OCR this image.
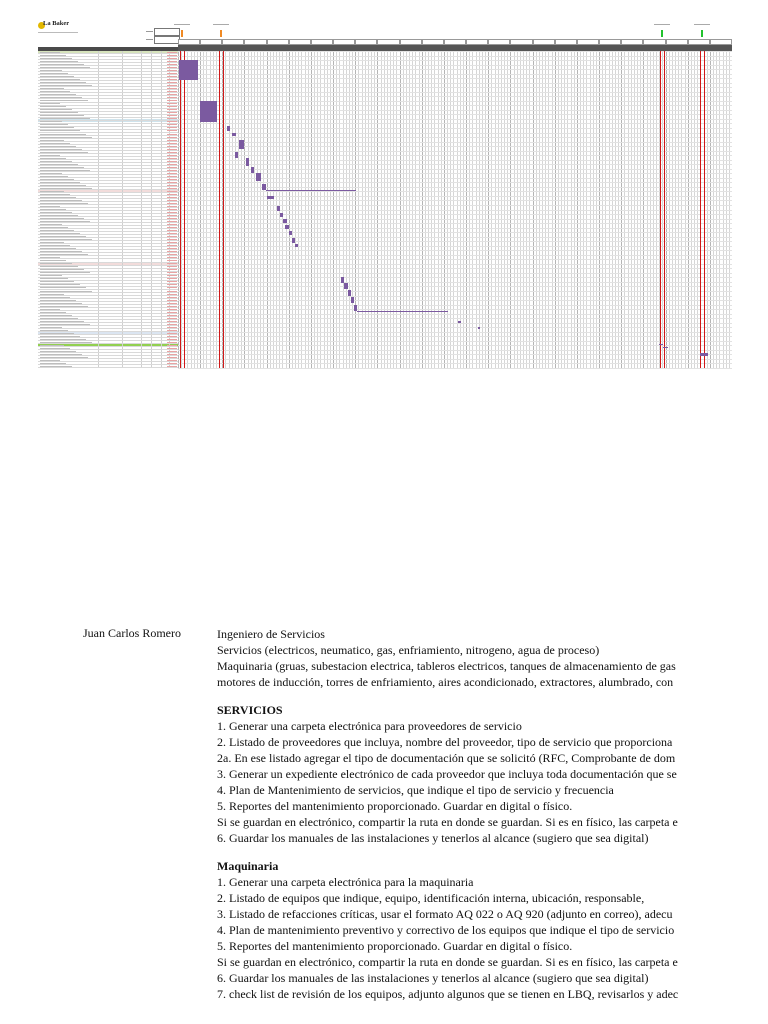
La Baker
Juan Carlos Romero	Ingeniero de Servicios
Servicios (electricos, neumatico, gas, enfriamiento, nitrogeno, agua de proceso)
Maquinaria (gruas, subestacion electrica, tableros electricos, tanques de almacenamiento de gas
motores de inducción, torres de enfriamiento, aires acondicionado, extractores, alumbrado, con
SERVICIOS
1. Generar una carpeta electrónica para proveedores de servicio
2. Listado de proveedores que incluya, nombre del proveedor, tipo de servicio que proporciona
2a. En ese listado agregar el tipo de documentación que se solicitó (RFC, Comprobante de dom
3. Generar un expediente electrónico de cada proveedor que incluya toda documentación que se
4. Plan de Mantenimiento de servicios, que indique el tipo de servicio y frecuencia
5. Reportes del mantenimiento proporcionado. Guardar en digital o físico.
Si se guardan en electrónico, compartir la ruta en donde se guardan. Si es en físico, las carpeta e
6. Guardar los manuales de las instalaciones y tenerlos al alcance (sugiero que sea digital)
Maquinaria
1. Generar una carpeta electrónica para la maquinaria
2. Listado de equipos que indique, equipo, identificación interna, ubicación, responsable,
3. Listado de refacciones críticas, usar el formato AQ 022 o AQ 920 (adjunto en correo), adecu
4. Plan de mantenimiento preventivo y correctivo de los equipos que indique el tipo de servicio
5. Reportes del mantenimiento proporcionado. Guardar en digital o físico.
Si se guardan en electrónico, compartir la ruta en donde se guardan. Si es en físico, las carpeta e
6. Guardar los manuales de las instalaciones y tenerlos al alcance (sugiero que sea digital)
7. check list de revisión de los equipos, adjunto algunos que se tienen en LBQ, revisarlos y adec
